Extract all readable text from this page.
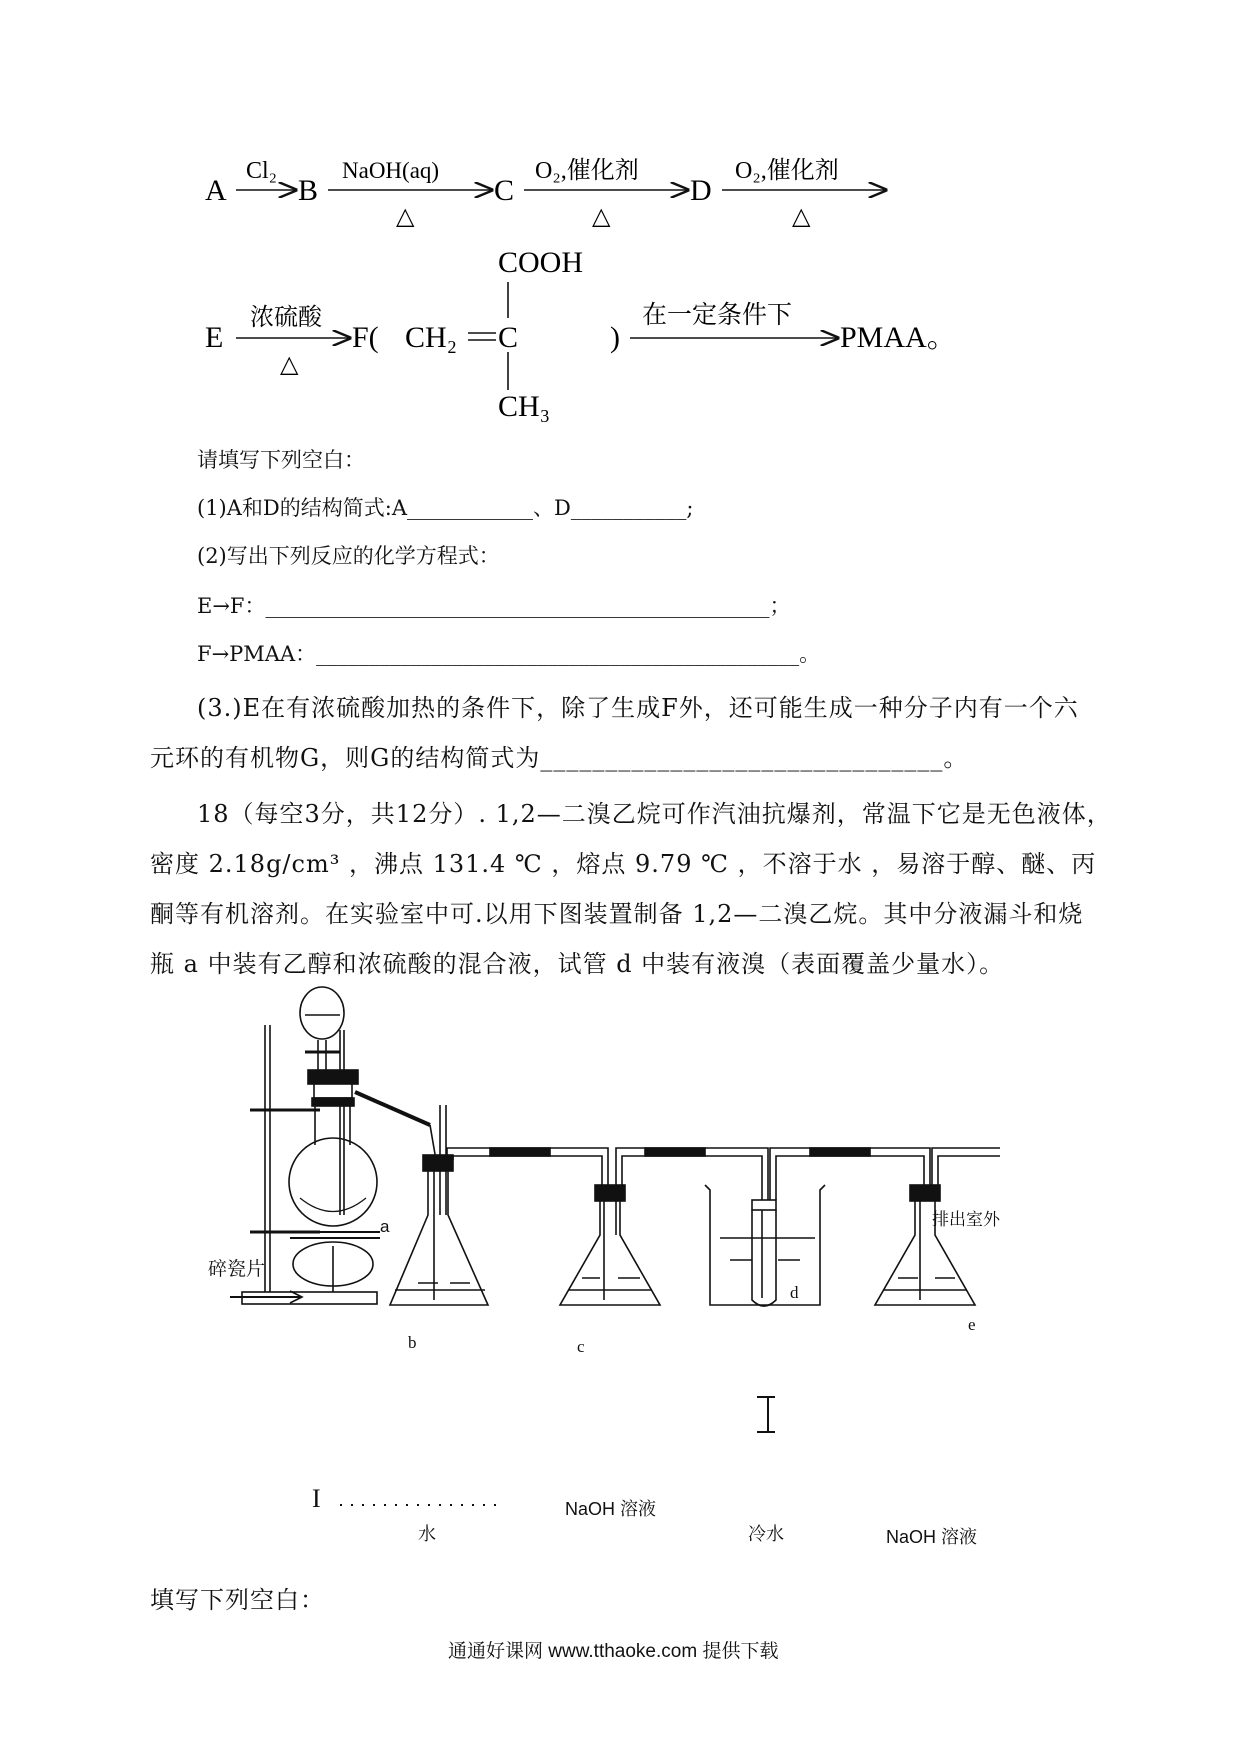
A
Cl₂
B
NaOH(aq)
△
C
O₂,催化剂
△
D
O₂,催化剂
△
E
浓硫酸
△
F( CH₂ C
COOH
CH₃
)
在一定条件下
PMAA。
请填写下列空白：
(1)A和D的结构简式:A____________、D___________;
(2)写出下列反应的化学方程式：
E→F：________________________________________________；
F→PMAA：______________________________________________。
(3.)E在有浓硫酸加热的条件下，除了生成F外，还可能生成一种分子内有一个六
元环的有机物G，则G的结构简式为_______________________________。
18（每空3分，共12分）. 1,2—二溴乙烷可作汽油抗爆剂，常温下它是无色液体，
密度 2.18g/cm³ ，沸点 131.4 ℃ ，熔点 9.79 ℃ ，不溶于水 ，易溶于醇、醚、丙
酮等有机溶剂。在实验室中可.以用下图装置制备 1,2—二溴乙烷。其中分液漏斗和烧
瓶 a 中装有乙醇和浓硫酸的混合液，试管 d 中装有液溴（表面覆盖少量水）。
a
b	c
d
e
碎瓷片
排出室外
I
水
NaOH 溶液
冷水	NaOH 溶液
填写下列空白：
通通好课网 www.tthaoke.com 提供下载
